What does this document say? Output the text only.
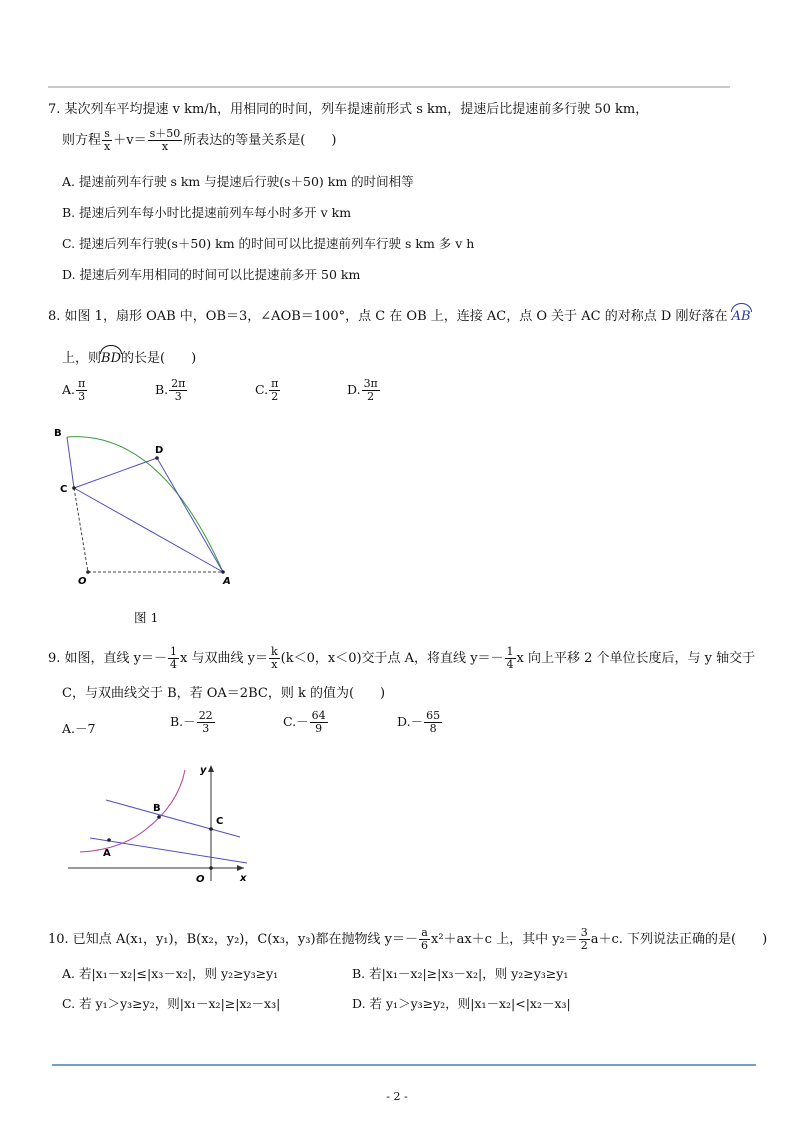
7. 某次列车平均提速 v km/h，用相同的时间，列车提速前形式 s km，提速后比提速前多行驶 50 km，
则方程 $\frac{s}{x} +v= \frac{s+50}{x}$ 所表达的等量关系是(　　)
A. 提速前列车行驶 s km 与提速后行驶(s＋50) km 的时间相等
B. 提速后列车每小时比提速前列车每小时多开 v km
C. 提速后列车行驶(s＋50) km 的时间可以比提速前列车行驶 s km 多 v h
D. 提速后列车用相同的时间可以比提速前多开 50 km
8. 如图 1，扇形 OAB 中，OB＝3，∠AOB＝100°，点 C 在 OB 上，连接 AC，点 O 关于 AC 的对称点 D 刚好落在 AB
上，则BD的长是(　　)
A. $\frac{\pi}{3}$	B. $\frac{2\pi}{3}$	C. $\frac{\pi}{2}$	D. $\frac{3\pi}{2}$
B
D
C
O	A
图 1
9. 如图，直线 $y=- \frac{1}{4}$ x 与双曲线 $y= \frac{k}{x} (k<0$，x＜0)交于点 A，将直线 $y=- \frac{1}{4}$ x 向上平移 2 个单位长度后，与 y 轴交于
C，与双曲线交于 B，若 OA＝2BC，则 k 的值为(　　)
A.－7	$B.- \frac{22}{3}$	$C.- \frac{64}{9}$	$D.- \frac{65}{8}$
y
x
O
A
B
C
10. 已知点 A(x₁，y₁)，B(x₂，y₂)，C(x₃，y₃)都在抛物线 $y=- \frac{a}{6} x^2+ax+c$ 上，其中 $y_2= \frac{3}{2} a+c$. 下列说法正确的是(　　)
A. 若|x₁－x₂|≤|x₃－x₂|，则 y₂≥y₃≥y₁	B. 若|x₁－x₂|≥|x₃－x₂|，则 y₂≥y₃≥y₁
C. 若 y₁＞y₃≥y₂，则|x₁－x₂|≥|x₂－x₃|	D. 若 y₁＞y₃≥y₂，则|x₁－x₂|<|x₂－x₃|
- 2 -
